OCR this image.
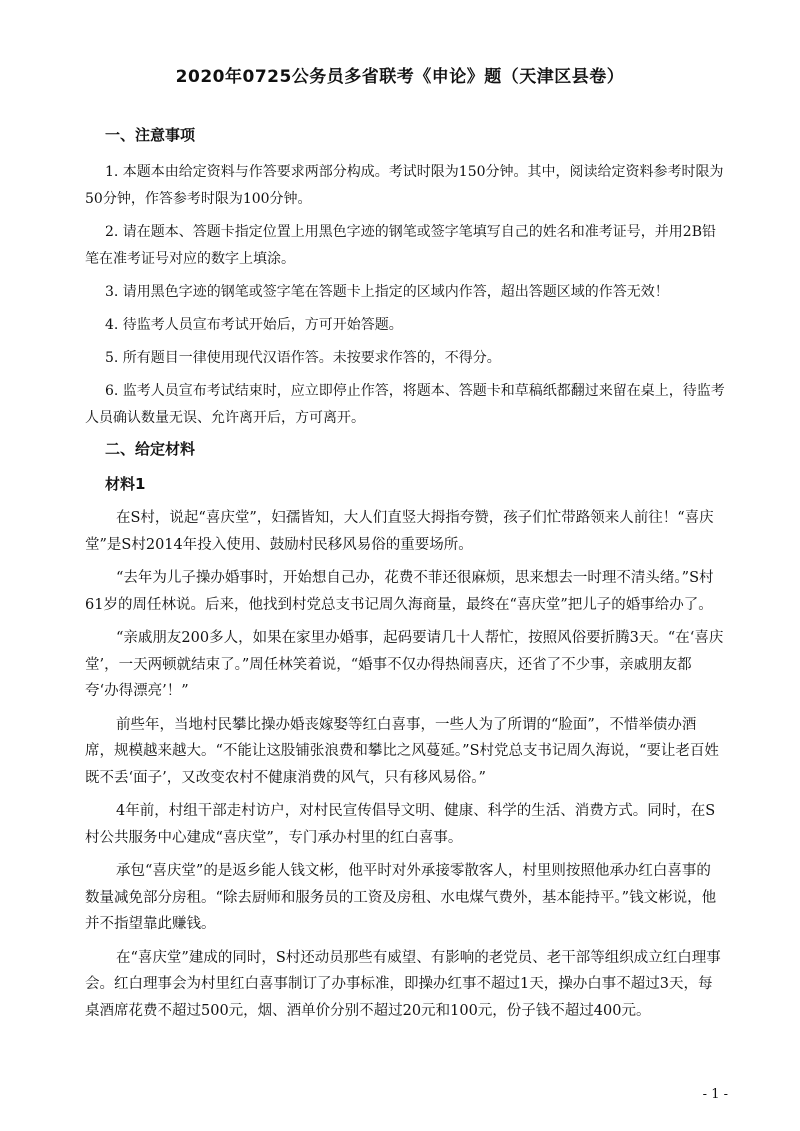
2020年0725公务员多省联考《申论》题（天津区县卷）
一、注意事项

1. 本题本由给定资料与作答要求两部分构成。考试时限为150分钟。其中，阅读给定资料参考时限为50分钟，作答参考时限为100分钟。

2. 请在题本、答题卡指定位置上用黑色字迹的钢笔或签字笔填写自己的姓名和准考证号，并用2B铅笔在准考证号对应的数字上填涂。

3. 请用黑色字迹的钢笔或签字笔在答题卡上指定的区域内作答，超出答题区域的作答无效！

4. 待监考人员宣布考试开始后，方可开始答题。

5. 所有题目一律使用现代汉语作答。未按要求作答的，不得分。

6. 监考人员宣布考试结束时，应立即停止作答，将题本、答题卡和草稿纸都翻过来留在桌上，待监考人员确认数量无误、允许离开后，方可离开。

二、给定材料
材料1

在S村，说起“喜庆堂”，妇孺皆知，大人们直竖大拇指夸赞，孩子们忙带路领来人前往！“喜庆堂”是S村2014年投入使用、鼓励村民移风易俗的重要场所。

“去年为儿子操办婚事时，开始想自己办，花费不菲还很麻烦，思来想去一时理不清头绪。”S村61岁的周任林说。后来，他找到村党总支书记周久海商量，最终在“喜庆堂”把儿子的婚事给办了。

“亲戚朋友200多人，如果在家里办婚事，起码要请几十人帮忙，按照风俗要折腾3天。“在‘喜庆堂’，一天两顿就结束了。”周任林笑着说，“婚事不仅办得热闹喜庆，还省了不少事，亲戚朋友都夸‘办得漂亮’！”

前些年，当地村民攀比操办婚丧嫁娶等红白喜事，一些人为了所谓的“脸面”，不惜举债办酒席，规模越来越大。“不能让这股铺张浪费和攀比之风蔓延。”S村党总支书记周久海说，“要让老百姓既不丢‘面子’，又改变农村不健康消费的风气，只有移风易俗。”

4年前，村组干部走村访户，对村民宣传倡导文明、健康、科学的生活、消费方式。同时，在S村公共服务中心建成“喜庆堂”，专门承办村里的红白喜事。

承包“喜庆堂”的是返乡能人钱文彬，他平时对外承接零散客人，村里则按照他承办红白喜事的数量减免部分房租。“除去厨师和服务员的工资及房租、水电煤气费外，基本能持平。”钱文彬说，他并不指望靠此赚钱。

在“喜庆堂”建成的同时，S村还动员那些有威望、有影响的老党员、老干部等组织成立红白理事会。红白理事会为村里红白喜事制订了办事标准，即操办红事不超过1天，操办白事不超过3天，每桌酒席花费不超过500元，烟、酒单价分别不超过20元和100元，份子钱不超过400元。

- 1 -
